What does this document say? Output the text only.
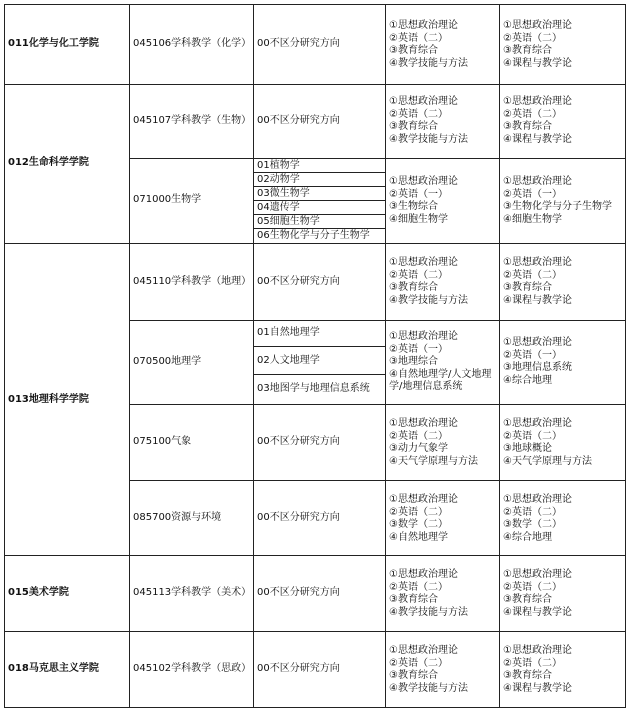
011化学与化工学院
012生命科学学院
013地理科学学院
015美术学院
018马克思主义学院
045106学科教学（化学）
045107学科教学（生物）
071000生物学
045110学科教学（地理）
070500地理学
075100气象
085700资源与环境
045113学科教学（美术）
045102学科教学（思政）
00不区分研究方向
00不区分研究方向
01植物学
02动物学
03微生物学
04遗传学
05细胞生物学
06生物化学与分子生物学
00不区分研究方向
01自然地理学
02人文地理学
03地图学与地理信息系统
00不区分研究方向
00不区分研究方向
00不区分研究方向
00不区分研究方向
①思想政治理论
②英语（二）
③教育综合
④教学技能与方法
①思想政治理论
②英语（二）
③教育综合
④课程与教学论
①思想政治理论
②英语（二）
③教育综合
④教学技能与方法
①思想政治理论
②英语（二）
③教育综合
④课程与教学论
①思想政治理论
②英语（一）
③生物综合
④细胞生物学
①思想政治理论
②英语（一）
③生物化学与分子生物学
④细胞生物学
①思想政治理论
②英语（二）
③教育综合
④教学技能与方法
①思想政治理论
②英语（二）
③教育综合
④课程与教学论
①思想政治理论
②英语（一）
③地理综合
④自然地理学/人文地理
学/地理信息系统
①思想政治理论
②英语（一）
③地理信息系统
④综合地理
①思想政治理论
②英语（二）
③动力气象学
④天气学原理与方法
①思想政治理论
②英语（二）
③地球概论
④天气学原理与方法
①思想政治理论
②英语（二）
③数学（二）
④自然地理学
①思想政治理论
②英语（二）
③数学（二）
④综合地理
①思想政治理论
②英语（二）
③教育综合
④教学技能与方法
①思想政治理论
②英语（二）
③教育综合
④课程与教学论
①思想政治理论
②英语（二）
③教育综合
④教学技能与方法
①思想政治理论
②英语（二）
③教育综合
④课程与教学论
